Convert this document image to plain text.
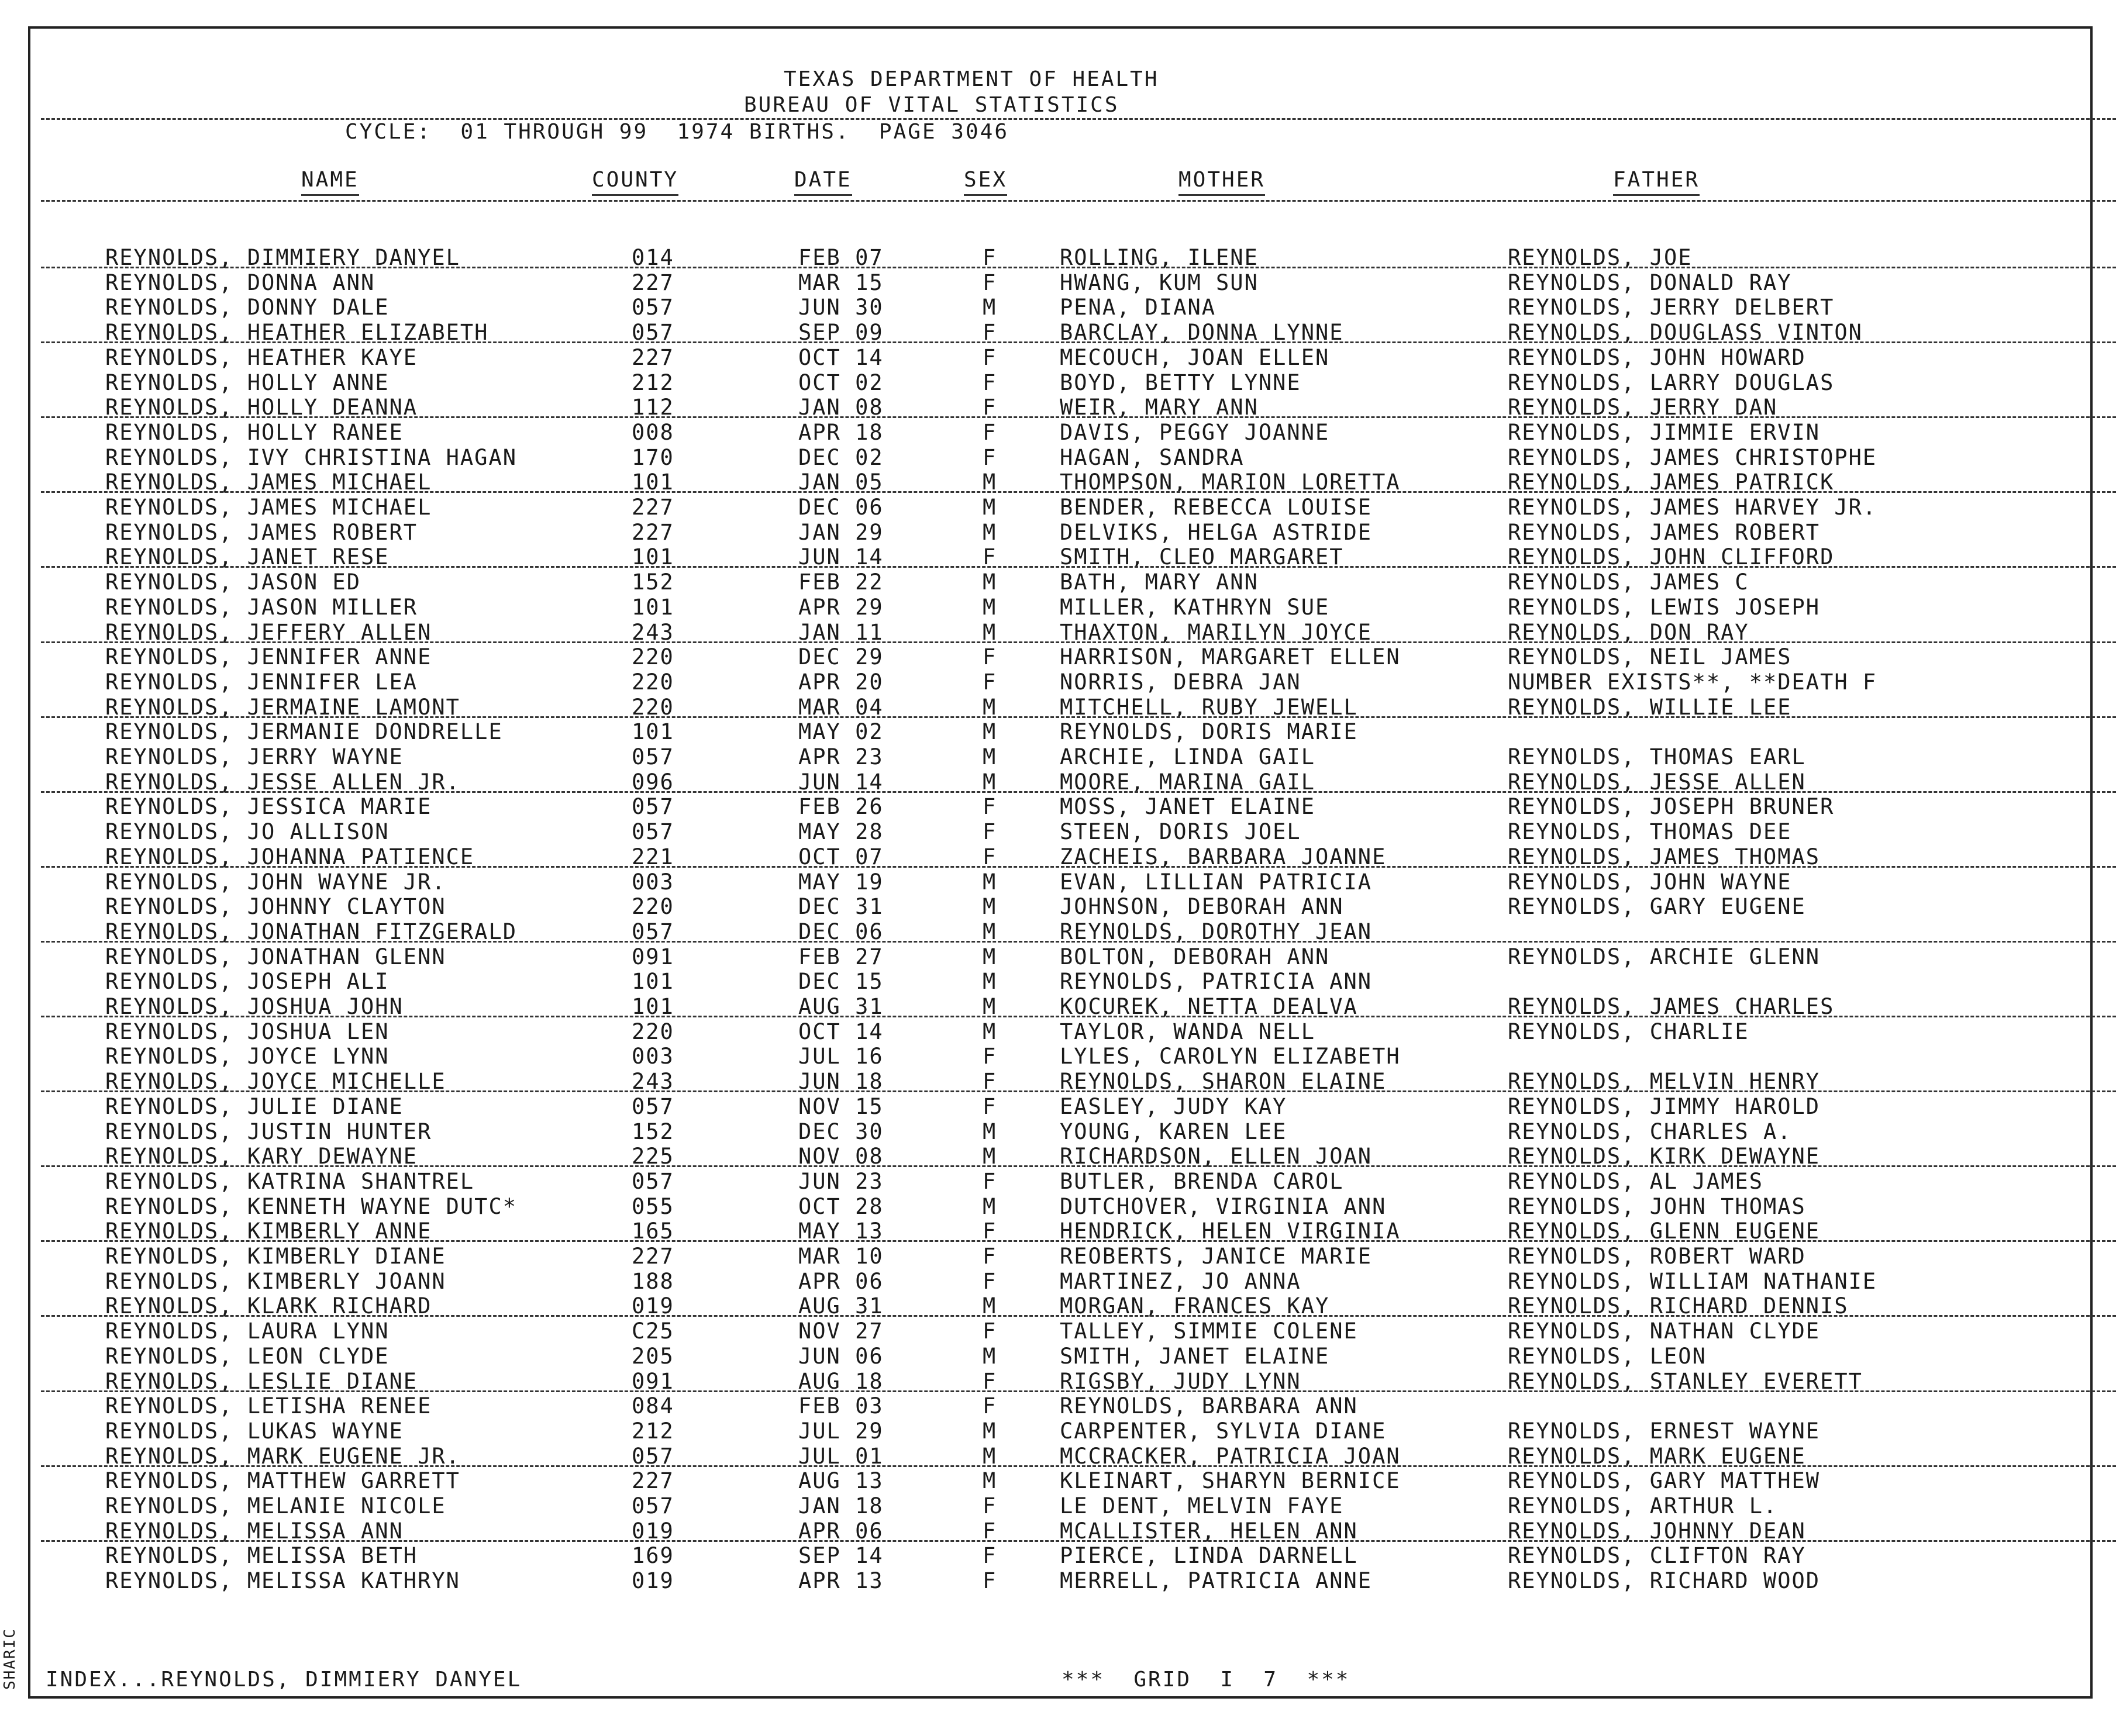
TEXAS DEPARTMENT OF HEALTH
BUREAU OF VITAL STATISTICS
CYCLE:  01 THROUGH 99  1974 BIRTHS.  PAGE 3046
NAME	COUNTY	DATE	SEX	MOTHER	FATHER
REYNOLDS, DIMMIERY DANYEL	014	FEB 07	F	ROLLING, ILENE	REYNOLDS, JOE
REYNOLDS, DONNA ANN	227	MAR 15	F	HWANG, KUM SUN	REYNOLDS, DONALD RAY
REYNOLDS, DONNY DALE	057	JUN 30	M	PENA, DIANA	REYNOLDS, JERRY DELBERT
REYNOLDS, HEATHER ELIZABETH	057	SEP 09	F	BARCLAY, DONNA LYNNE	REYNOLDS, DOUGLASS VINTON
REYNOLDS, HEATHER KAYE	227	OCT 14	F	MECOUCH, JOAN ELLEN	REYNOLDS, JOHN HOWARD
REYNOLDS, HOLLY ANNE	212	OCT 02	F	BOYD, BETTY LYNNE	REYNOLDS, LARRY DOUGLAS
REYNOLDS, HOLLY DEANNA	112	JAN 08	F	WEIR, MARY ANN	REYNOLDS, JERRY DAN
REYNOLDS, HOLLY RANEE	008	APR 18	F	DAVIS, PEGGY JOANNE	REYNOLDS, JIMMIE ERVIN
REYNOLDS, IVY CHRISTINA HAGAN	170	DEC 02	F	HAGAN, SANDRA	REYNOLDS, JAMES CHRISTOPHE
REYNOLDS, JAMES MICHAEL	101	JAN 05	M	THOMPSON, MARION LORETTA	REYNOLDS, JAMES PATRICK
REYNOLDS, JAMES MICHAEL	227	DEC 06	M	BENDER, REBECCA LOUISE	REYNOLDS, JAMES HARVEY JR.
REYNOLDS, JAMES ROBERT	227	JAN 29	M	DELVIKS, HELGA ASTRIDE	REYNOLDS, JAMES ROBERT
REYNOLDS, JANET RESE	101	JUN 14	F	SMITH, CLEO MARGARET	REYNOLDS, JOHN CLIFFORD
REYNOLDS, JASON ED	152	FEB 22	M	BATH, MARY ANN	REYNOLDS, JAMES C
REYNOLDS, JASON MILLER	101	APR 29	M	MILLER, KATHRYN SUE	REYNOLDS, LEWIS JOSEPH
REYNOLDS, JEFFERY ALLEN	243	JAN 11	M	THAXTON, MARILYN JOYCE	REYNOLDS, DON RAY
REYNOLDS, JENNIFER ANNE	220	DEC 29	F	HARRISON, MARGARET ELLEN	REYNOLDS, NEIL JAMES
REYNOLDS, JENNIFER LEA	220	APR 20	F	NORRIS, DEBRA JAN	NUMBER EXISTS**, **DEATH F
REYNOLDS, JERMAINE LAMONT	220	MAR 04	M	MITCHELL, RUBY JEWELL	REYNOLDS, WILLIE LEE
REYNOLDS, JERMANIE DONDRELLE	101	MAY 02	M	REYNOLDS, DORIS MARIE
REYNOLDS, JERRY WAYNE	057	APR 23	M	ARCHIE, LINDA GAIL	REYNOLDS, THOMAS EARL
REYNOLDS, JESSE ALLEN JR.	096	JUN 14	M	MOORE, MARINA GAIL	REYNOLDS, JESSE ALLEN
REYNOLDS, JESSICA MARIE	057	FEB 26	F	MOSS, JANET ELAINE	REYNOLDS, JOSEPH BRUNER
REYNOLDS, JO ALLISON	057	MAY 28	F	STEEN, DORIS JOEL	REYNOLDS, THOMAS DEE
REYNOLDS, JOHANNA PATIENCE	221	OCT 07	F	ZACHEIS, BARBARA JOANNE	REYNOLDS, JAMES THOMAS
REYNOLDS, JOHN WAYNE JR.	003	MAY 19	M	EVAN, LILLIAN PATRICIA	REYNOLDS, JOHN WAYNE
REYNOLDS, JOHNNY CLAYTON	220	DEC 31	M	JOHNSON, DEBORAH ANN	REYNOLDS, GARY EUGENE
REYNOLDS, JONATHAN FITZGERALD	057	DEC 06	M	REYNOLDS, DOROTHY JEAN
REYNOLDS, JONATHAN GLENN	091	FEB 27	M	BOLTON, DEBORAH ANN	REYNOLDS, ARCHIE GLENN
REYNOLDS, JOSEPH ALI	101	DEC 15	M	REYNOLDS, PATRICIA ANN
REYNOLDS, JOSHUA JOHN	101	AUG 31	M	KOCUREK, NETTA DEALVA	REYNOLDS, JAMES CHARLES
REYNOLDS, JOSHUA LEN	220	OCT 14	M	TAYLOR, WANDA NELL	REYNOLDS, CHARLIE
REYNOLDS, JOYCE LYNN	003	JUL 16	F	LYLES, CAROLYN ELIZABETH
REYNOLDS, JOYCE MICHELLE	243	JUN 18	F	REYNOLDS, SHARON ELAINE	REYNOLDS, MELVIN HENRY
REYNOLDS, JULIE DIANE	057	NOV 15	F	EASLEY, JUDY KAY	REYNOLDS, JIMMY HAROLD
REYNOLDS, JUSTIN HUNTER	152	DEC 30	M	YOUNG, KAREN LEE	REYNOLDS, CHARLES A.
REYNOLDS, KARY DEWAYNE	225	NOV 08	M	RICHARDSON, ELLEN JOAN	REYNOLDS, KIRK DEWAYNE
REYNOLDS, KATRINA SHANTREL	057	JUN 23	F	BUTLER, BRENDA CAROL	REYNOLDS, AL JAMES
REYNOLDS, KENNETH WAYNE DUTC*	055	OCT 28	M	DUTCHOVER, VIRGINIA ANN	REYNOLDS, JOHN THOMAS
REYNOLDS, KIMBERLY ANNE	165	MAY 13	F	HENDRICK, HELEN VIRGINIA	REYNOLDS, GLENN EUGENE
REYNOLDS, KIMBERLY DIANE	227	MAR 10	F	REOBERTS, JANICE MARIE	REYNOLDS, ROBERT WARD
REYNOLDS, KIMBERLY JOANN	188	APR 06	F	MARTINEZ, JO ANNA	REYNOLDS, WILLIAM NATHANIE
REYNOLDS, KLARK RICHARD	019	AUG 31	M	MORGAN, FRANCES KAY	REYNOLDS, RICHARD DENNIS
REYNOLDS, LAURA LYNN	C25	NOV 27	F	TALLEY, SIMMIE COLENE	REYNOLDS, NATHAN CLYDE
REYNOLDS, LEON CLYDE	205	JUN 06	M	SMITH, JANET ELAINE	REYNOLDS, LEON
REYNOLDS, LESLIE DIANE	091	AUG 18	F	RIGSBY, JUDY LYNN	REYNOLDS, STANLEY EVERETT
REYNOLDS, LETISHA RENEE	084	FEB 03	F	REYNOLDS, BARBARA ANN
REYNOLDS, LUKAS WAYNE	212	JUL 29	M	CARPENTER, SYLVIA DIANE	REYNOLDS, ERNEST WAYNE
REYNOLDS, MARK EUGENE JR.	057	JUL 01	M	MCCRACKER, PATRICIA JOAN	REYNOLDS, MARK EUGENE
REYNOLDS, MATTHEW GARRETT	227	AUG 13	M	KLEINART, SHARYN BERNICE	REYNOLDS, GARY MATTHEW
REYNOLDS, MELANIE NICOLE	057	JAN 18	F	LE DENT, MELVIN FAYE	REYNOLDS, ARTHUR L.
REYNOLDS, MELISSA ANN	019	APR 06	F	MCALLISTER, HELEN ANN	REYNOLDS, JOHNNY DEAN
REYNOLDS, MELISSA BETH	169	SEP 14	F	PIERCE, LINDA DARNELL	REYNOLDS, CLIFTON RAY
REYNOLDS, MELISSA KATHRYN	019	APR 13	F	MERRELL, PATRICIA ANNE	REYNOLDS, RICHARD WOOD
INDEX...REYNOLDS, DIMMIERY DANYEL	***  GRID  I  7  ***
SHARIC
